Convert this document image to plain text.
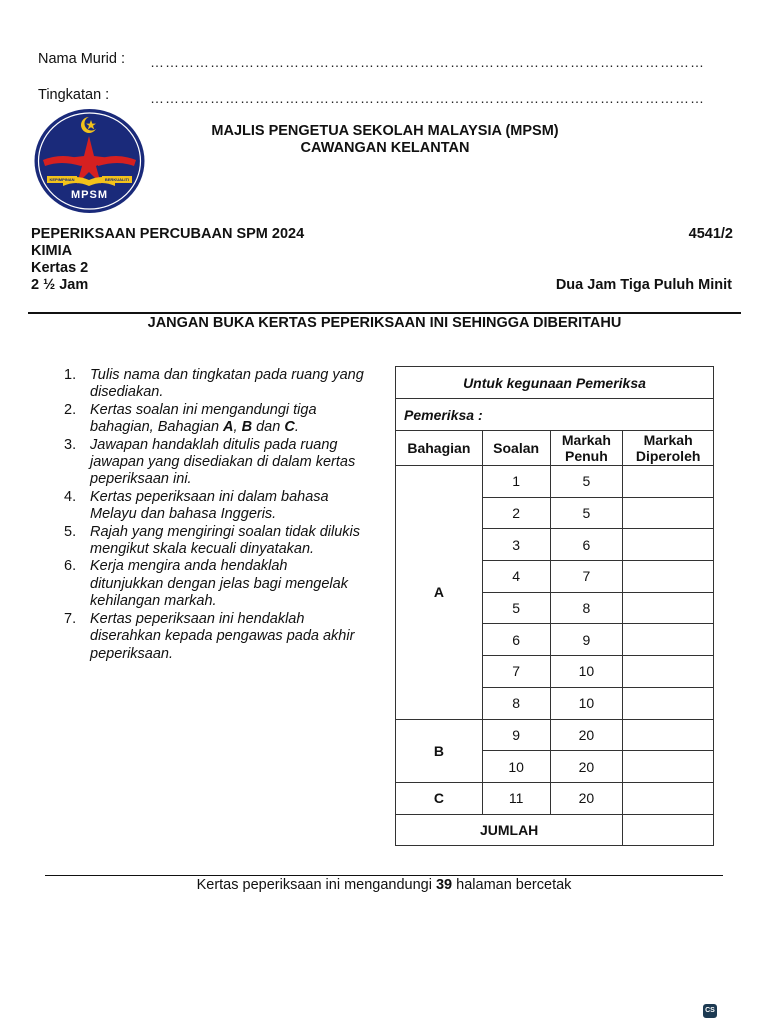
Nama Murid : …………………………………………………………………………………………………
Tingkatan :	…………………………………………………………………………………………………
KEPIMPINAN	BERKUALITI
MPSM
MAJLIS PENGETUA SEKOLAH MALAYSIA (MPSM)
CAWANGAN KELANTAN
PEPERIKSAAN PERCUBAAN SPM 2024
KIMIA
Kertas 2
2 ½ Jam
4541/2
Dua Jam Tiga Puluh Minit
JANGAN BUKA KERTAS PEPERIKSAAN INI SEHINGGA DIBERITAHU
1. Tulis nama dan tingkatan pada ruang yang disediakan.
2. Kertas soalan ini mengandungi tiga bahagian, Bahagian A, B dan C.
3. Jawapan handaklah ditulis pada ruang jawapan yang disediakan di dalam kertas peperiksaan ini.
4. Kertas peperiksaan ini dalam bahasa Melayu dan bahasa Inggeris.
5. Rajah yang mengiringi soalan tidak dilukis mengikut skala kecuali dinyatakan.
6. Kerja mengira anda hendaklah ditunjukkan dengan jelas bagi mengelak kehilangan markah.
7. Kertas peperiksaan ini hendaklah diserahkan kepada pengawas pada akhir peperiksaan.
Untuk kegunaan Pemeriksa			
Pemeriksa :			
Bahagian	Soalan	Markah Penuh	Markah Diperoleh
A	1	5	
	2	5	
	3	6	
	4	7	
	5	8	
	6	9	
	7	10	
	8	10	
B	9	20	
	10	20	
C	11	20	
JUMLAH			
Kertas peperiksaan ini mengandungi 39 halaman bercetak
CS
